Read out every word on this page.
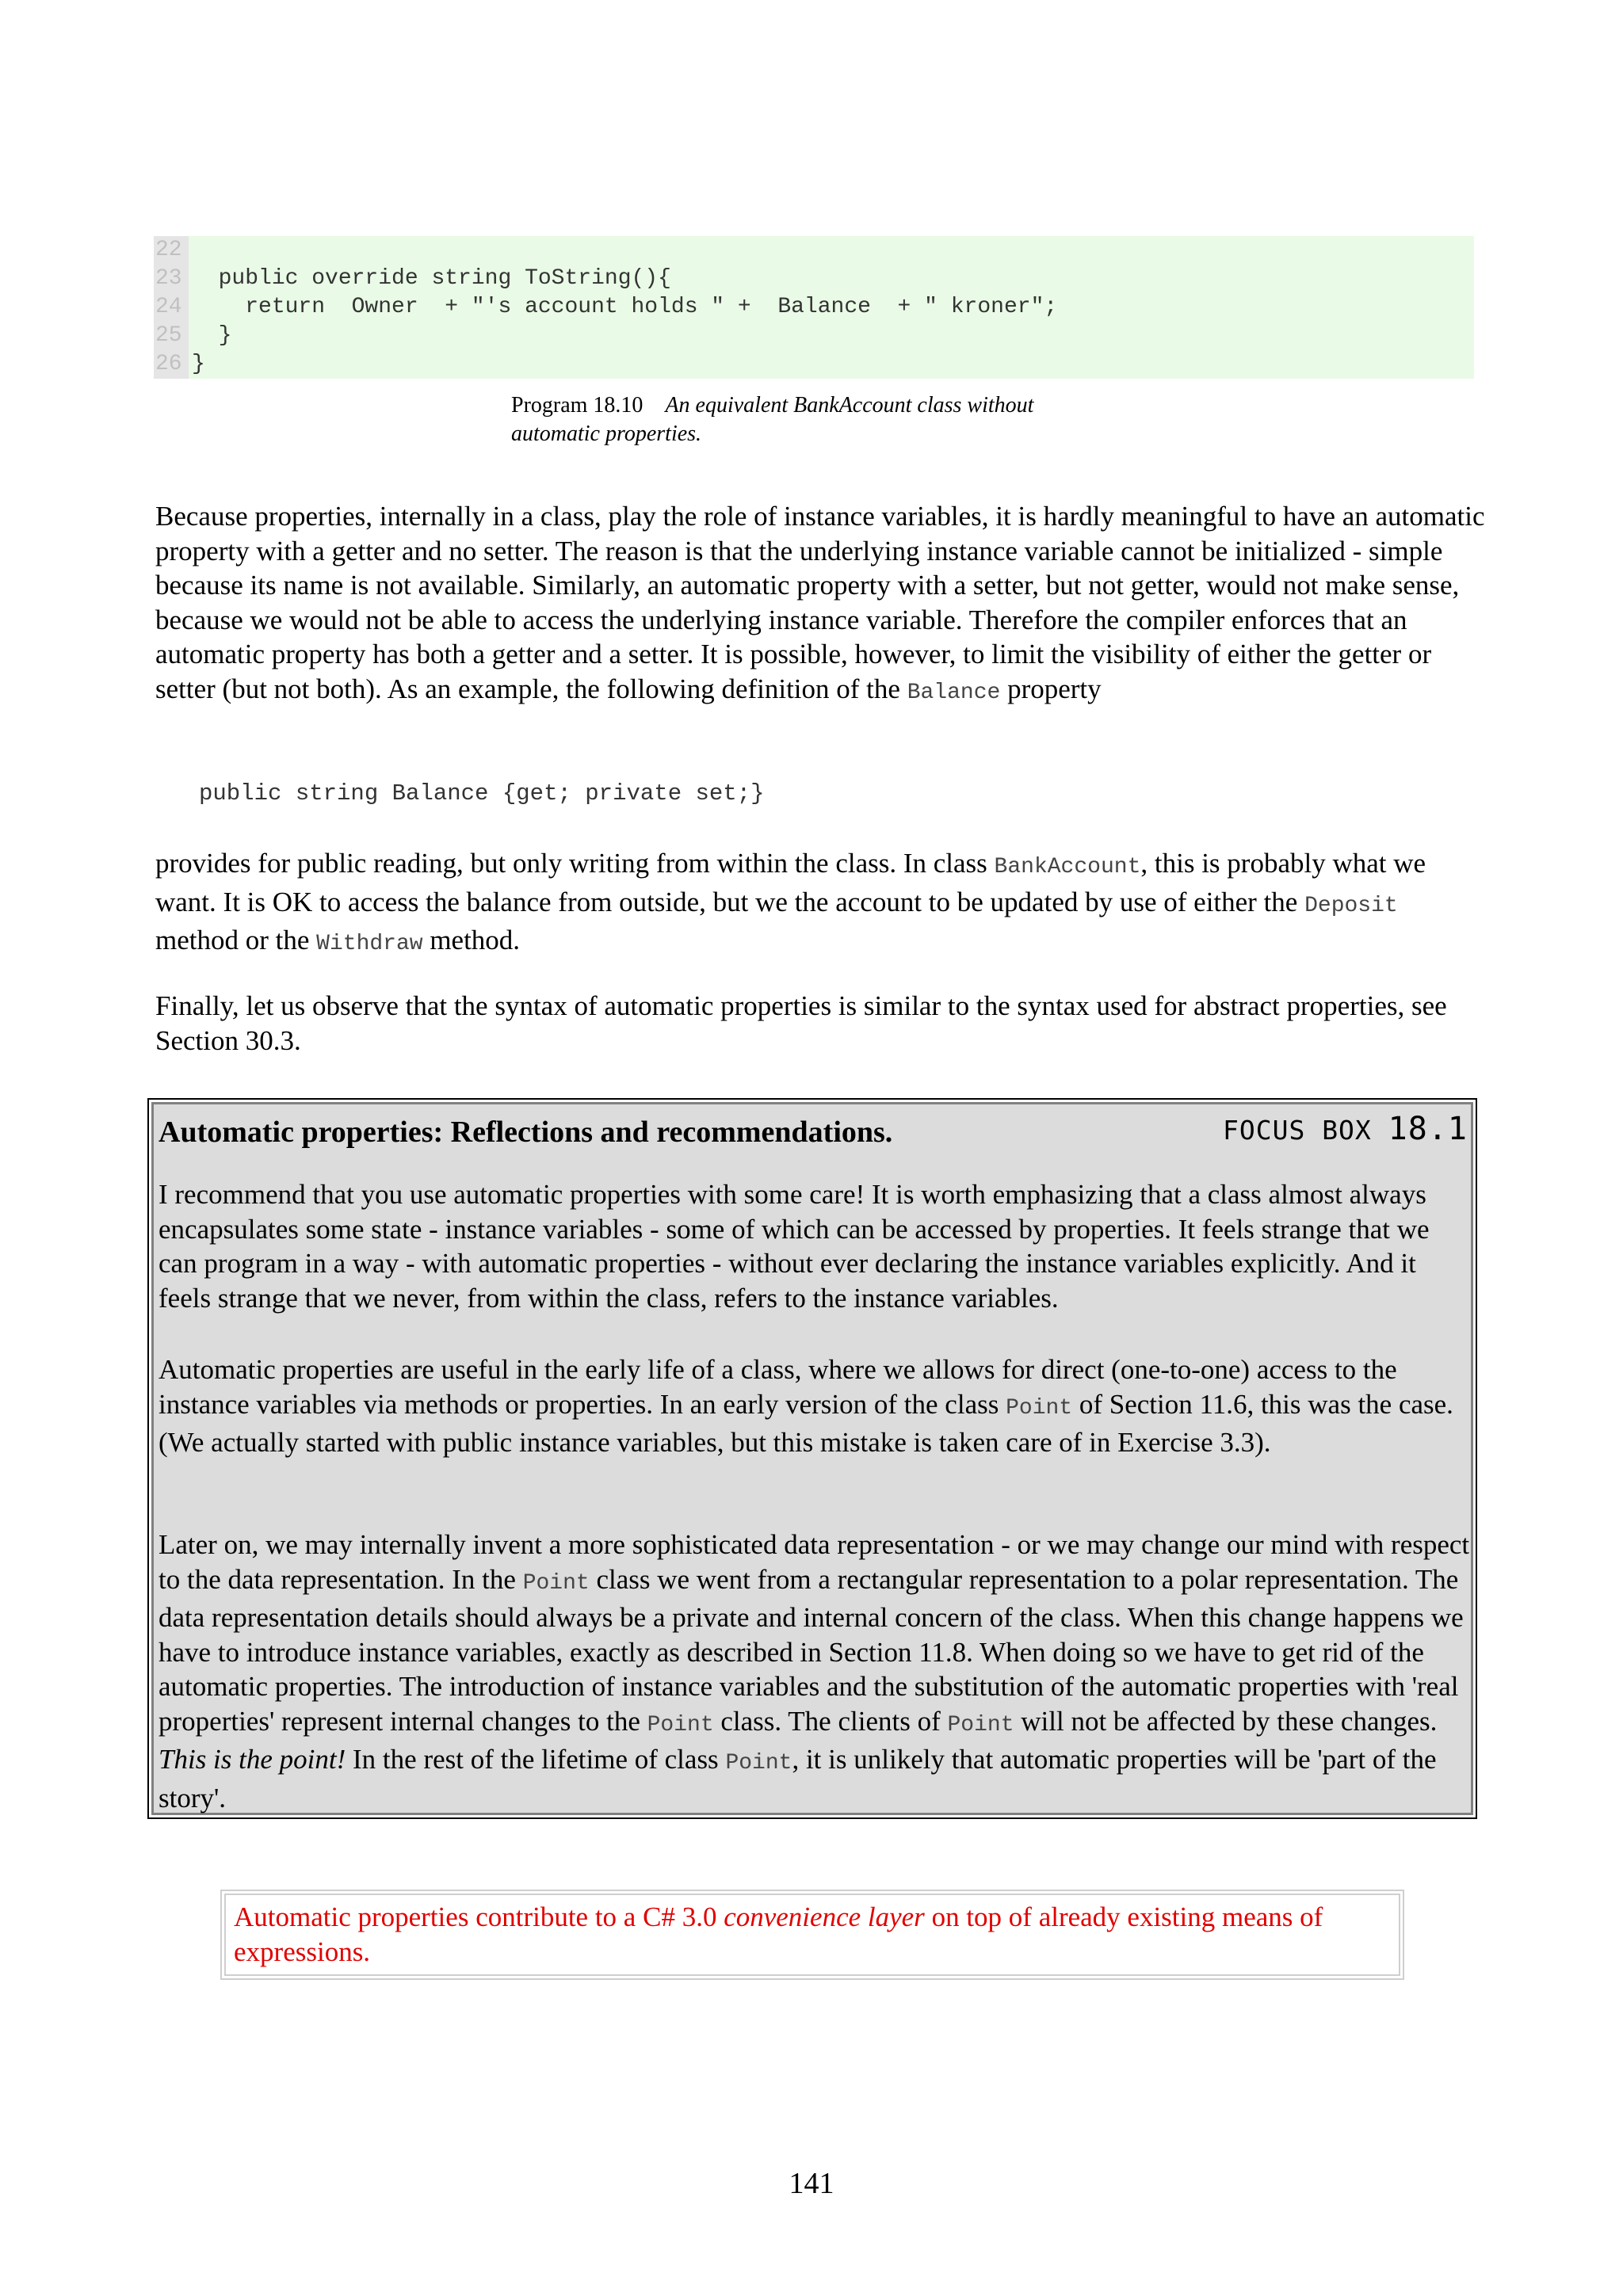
22
23  public override string ToString(){
24    return  Owner  + "'s account holds " +  Balance  + " kroner";
25  }
26 }
Program 18.10 An equivalent BankAccount class without automatic properties.
Because properties, internally in a class, play the role of instance variables, it is hardly meaningful to have an automatic property with a getter and no setter. The reason is that the underlying instance variable cannot be initialized - simple because its name is not available. Similarly, an automatic property with a setter, but not getter, would not make sense, because we would not be able to access the underlying instance variable. Therefore the compiler enforces that an automatic property has both a getter and a setter. It is possible, however, to limit the visibility of either the getter or setter (but not both). As an example, the following definition of the Balance property
public string Balance {get; private set;}
provides for public reading, but only writing from within the class. In class BankAccount, this is probably what we want. It is OK to access the balance from outside, but we the account to be updated by use of either the Deposit method or the Withdraw method.
Finally, let us observe that the syntax of automatic properties is similar to the syntax used for abstract properties, see Section 30.3.
Automatic properties: Reflections and recommendations.	FOCUS BOX 18.1
I recommend that you use automatic properties with some care! It is worth emphasizing that a class almost always encapsulates some state - instance variables - some of which can be accessed by properties. It feels strange that we can program in a way - with automatic properties - without ever declaring the instance variables explicitly. And it feels strange that we never, from within the class, refers to the instance variables.
Automatic properties are useful in the early life of a class, where we allows for direct (one-to-one) access to the instance variables via methods or properties. In an early version of the class Point of Section 11.6, this was the case. (We actually started with public instance variables, but this mistake is taken care of in Exercise 3.3).
Later on, we may internally invent a more sophisticated data representation - or we may change our mind with respect to the data representation. In the Point class we went from a rectangular representation to a polar representation. The data representation details should always be a private and internal concern of the class. When this change happens we have to introduce instance variables, exactly as described in Section 11.8. When doing so we have to get rid of the automatic properties. The introduction of instance variables and the substitution of the automatic properties with 'real properties' represent internal changes to the Point class. The clients of Point will not be affected by these changes. This is the point! In the rest of the lifetime of class Point, it is unlikely that automatic properties will be 'part of the story'.
Automatic properties contribute to a C# 3.0 convenience layer on top of already existing means of expressions.
141
